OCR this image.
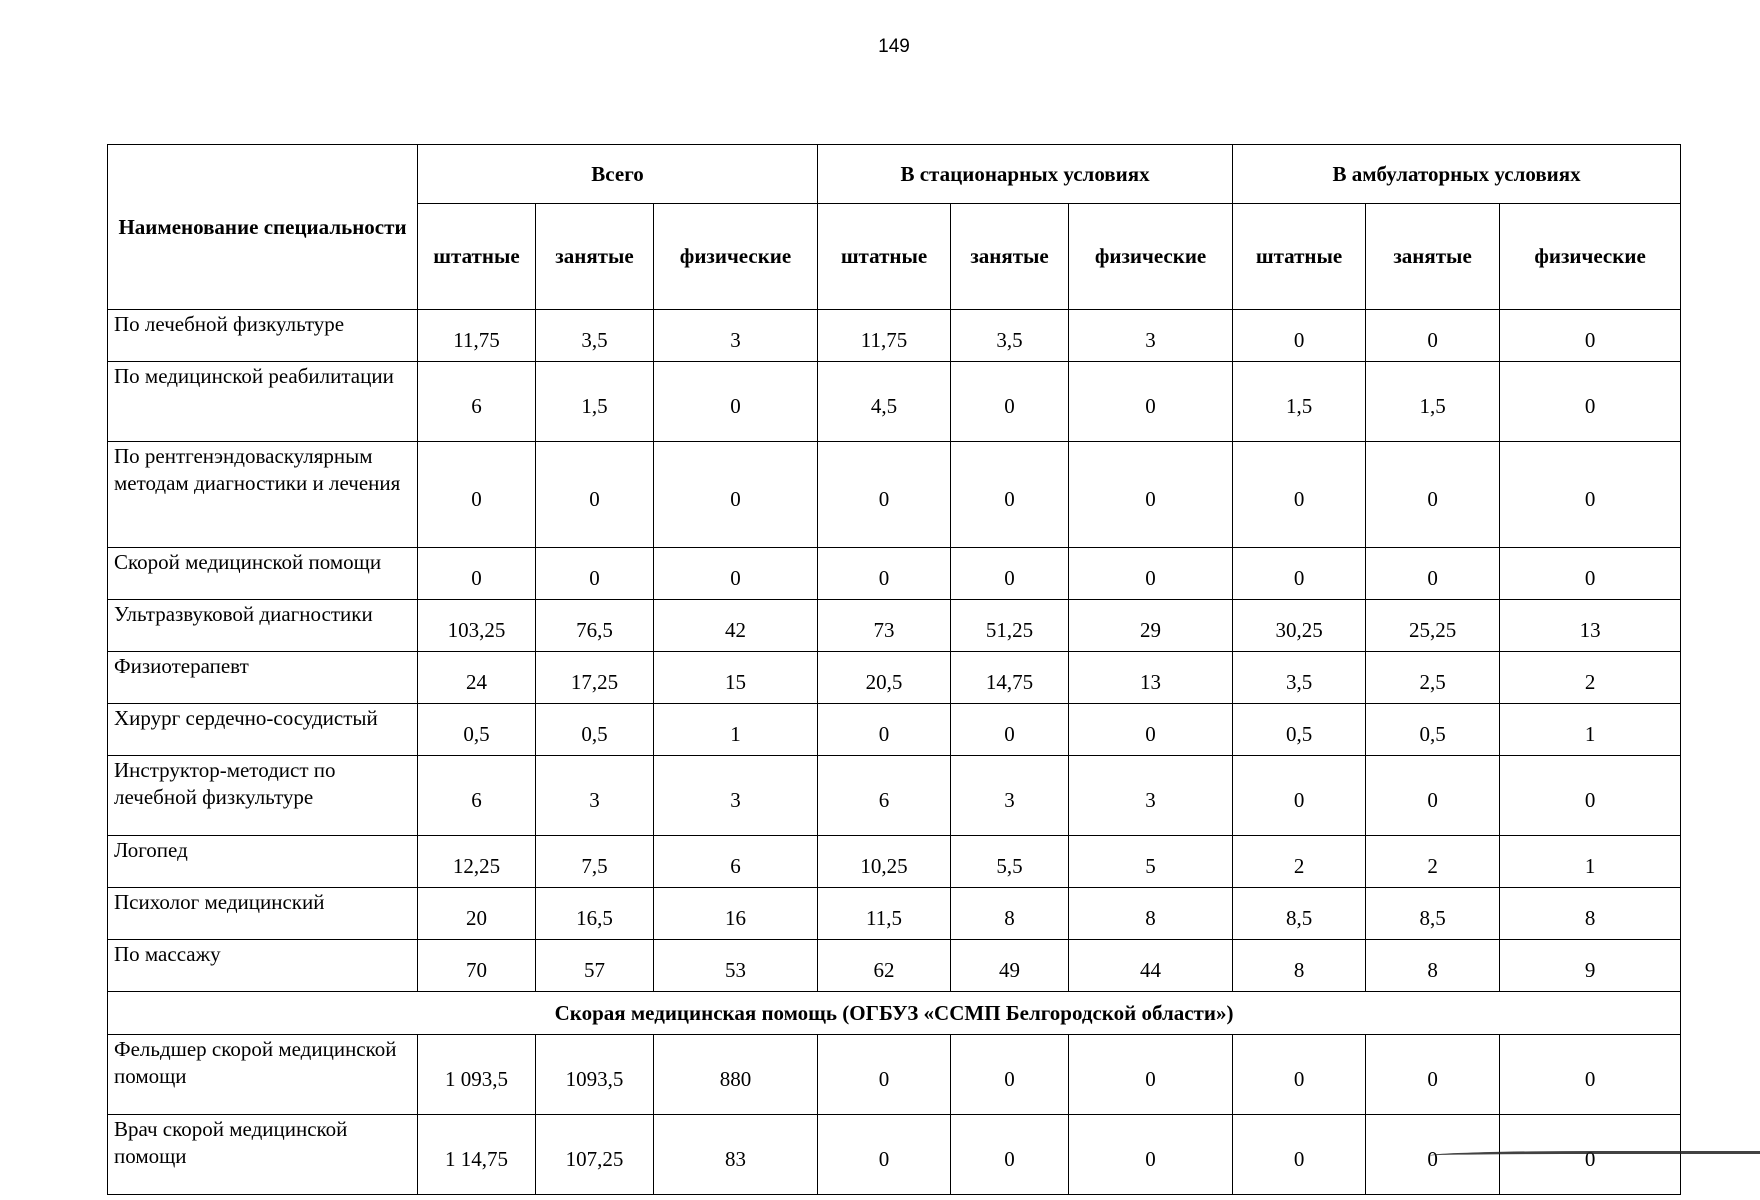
149
Наименование специальности	Всего			В стационарных условиях			В амбулаторных условиях		
	штатные	занятые	физические	штатные	занятые	физические	штатные	занятые	физические
По лечебной физкультуре	11,75	3,5	3	11,75	3,5	3	0	0	0
По медицинской реабилитации	6	1,5	0	4,5	0	0	1,5	1,5	0
По рентгенэндоваскулярным методам диагностики и лечения	0	0	0	0	0	0	0	0	0
Скорой медицинской помощи	0	0	0	0	0	0	0	0	0
Ультразвуковой диагностики	103,25	76,5	42	73	51,25	29	30,25	25,25	13
Физиотерапевт	24	17,25	15	20,5	14,75	13	3,5	2,5	2
Хирург сердечно-сосудистый	0,5	0,5	1	0	0	0	0,5	0,5	1
Инструктор-методист по лечебной физкультуре	6	3	3	6	3	3	0	0	0
Логопед	12,25	7,5	6	10,25	5,5	5	2	2	1
Психолог медицинский	20	16,5	16	11,5	8	8	8,5	8,5	8
По массажу	70	57	53	62	49	44	8	8	9
Скорая медицинская помощь (ОГБУЗ «ССМП Белгородской области»)									
Фельдшер скорой медицинской помощи	1 093,5	1093,5	880	0	0	0	0	0	0
Врач скорой медицинской помощи	1 14,75	107,25	83	0	0	0	0	0	0
